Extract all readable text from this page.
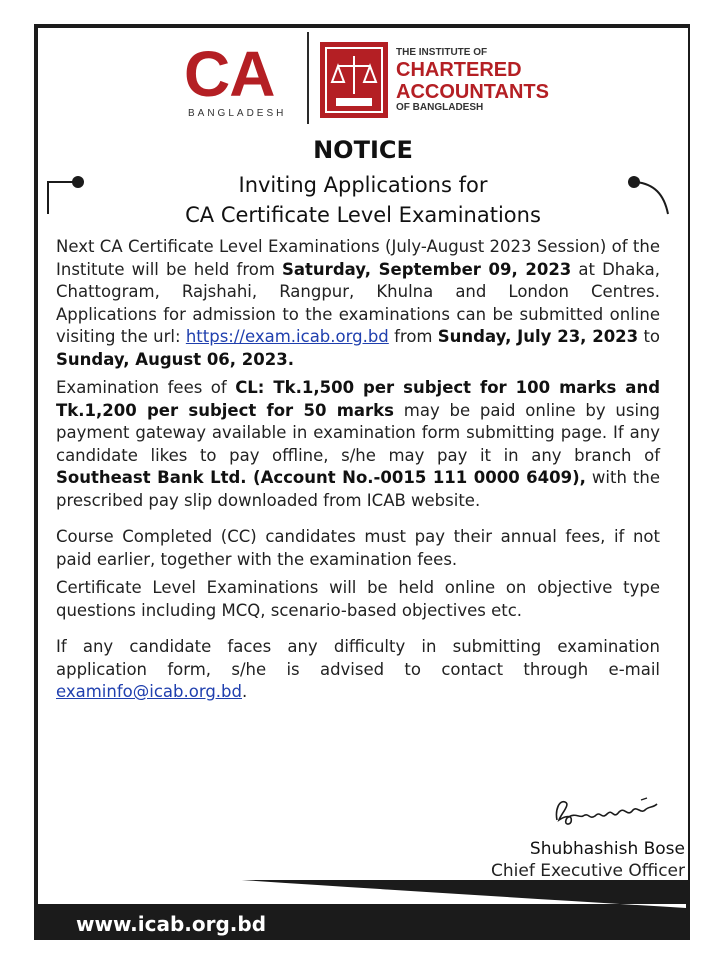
CA
BANGLADESH
THE INSTITUTE OF
CHARTERED
ACCOUNTANTS
OF BANGLADESH
NOTICE
Inviting Applications for
CA Certificate Level Examinations

Next CA Certificate Level Examinations (July-August 2023 Session) of the Institute will be held from Saturday, September 09, 2023 at Dhaka, Chattogram, Rajshahi, Rangpur, Khulna and London Centres. Applications for admission to the examinations can be submitted online visiting the url: https://exam.icab.org.bd from Sunday, July 23, 2023 to Sunday, August 06, 2023.

Examination fees of CL: Tk.1,500 per subject for 100 marks and Tk.1,200 per subject for 50 marks may be paid online by using payment gateway available in examination form submitting page. If any candidate likes to pay offline, s/he may pay it in any branch of Southeast Bank Ltd. (Account No.-0015 111 0000 6409), with the prescribed pay slip downloaded from ICAB website.

Course Completed (CC) candidates must pay their annual fees, if not paid earlier, together with the examination fees.

Certificate Level Examinations will be held online on objective type questions including MCQ, scenario-based objectives etc.

If any candidate faces any difficulty in submitting examination application form, s/he is advised to contact through e-mail examinfo@icab.org.bd.

Shubhashish Bose
Chief Executive Officer
www.icab.org.bd
